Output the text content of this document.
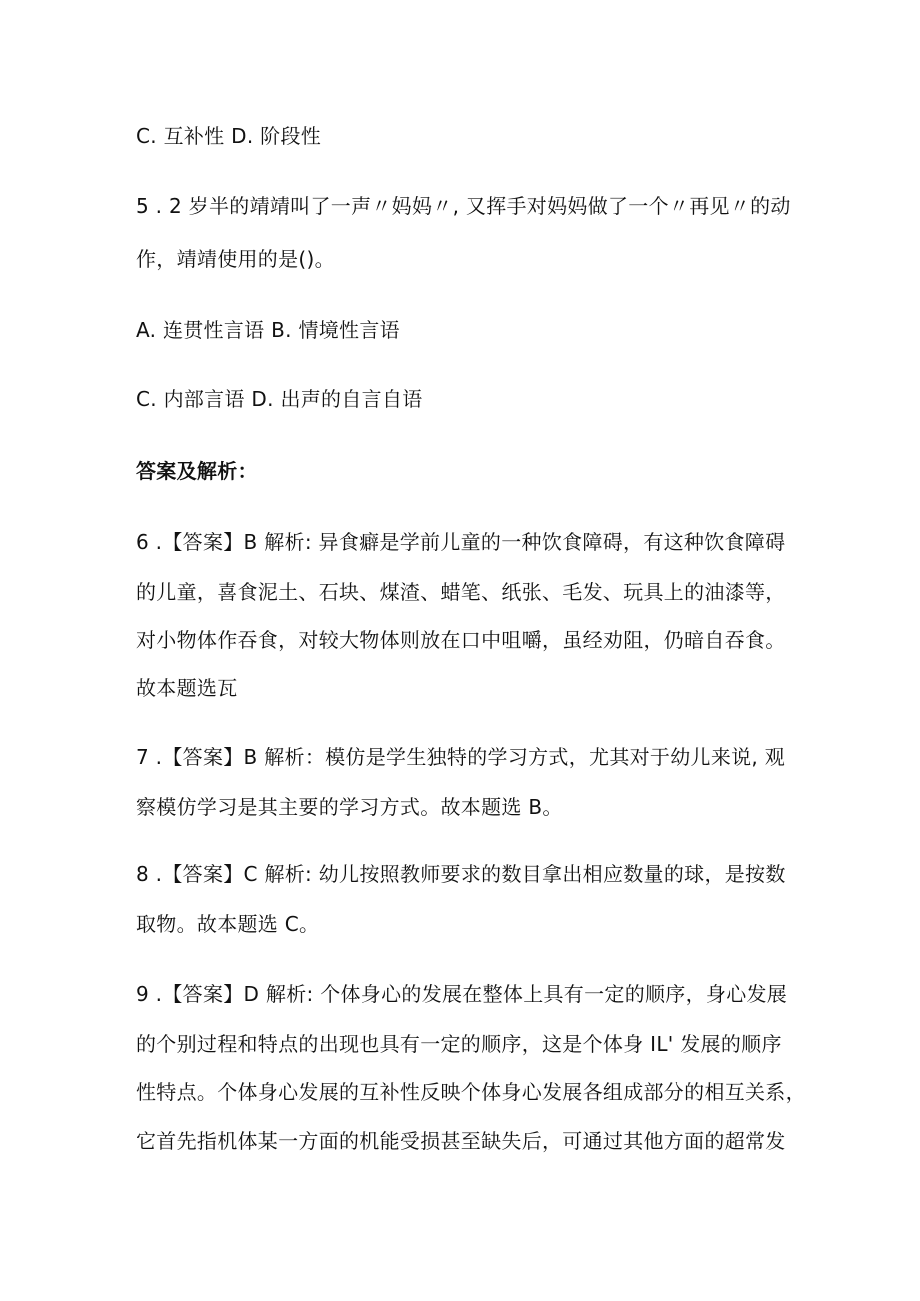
C. 互补性 D. 阶段性
5 . 2 岁半的靖靖叫了一声〃妈妈〃, 又挥手对妈妈做了一个〃再见〃的动
作，靖靖使用的是()。
A. 连贯性言语 B. 情境性言语
C. 内部言语 D. 出声的自言自语
答案及解析：
6 .【答案】B 解析: 异食癖是学前儿童的一种饮食障碍，有这种饮食障碍
的儿童，喜食泥土、石块、煤渣、蜡笔、纸张、毛发、玩具上的油漆等，
对小物体作吞食，对较大物体则放在口中咀嚼，虽经劝阻，仍暗自吞食。
故本题选瓦
7 .【答案】B 解析：模仿是学生独特的学习方式，尤其对于幼儿来说, 观
察模仿学习是其主要的学习方式。故本题选 B。
8 .【答案】C 解析: 幼儿按照教师要求的数目拿出相应数量的球，是按数
取物。故本题选 C。
9 .【答案】D 解析: 个体身心的发展在整体上具有一定的顺序，身心发展
的个别过程和特点的出现也具有一定的顺序，这是个体身 IL' 发展的顺序
性特点。个体身心发展的互补性反映个体身心发展各组成部分的相互关系，
它首先指机体某一方面的机能受损甚至缺失后，可通过其他方面的超常发
